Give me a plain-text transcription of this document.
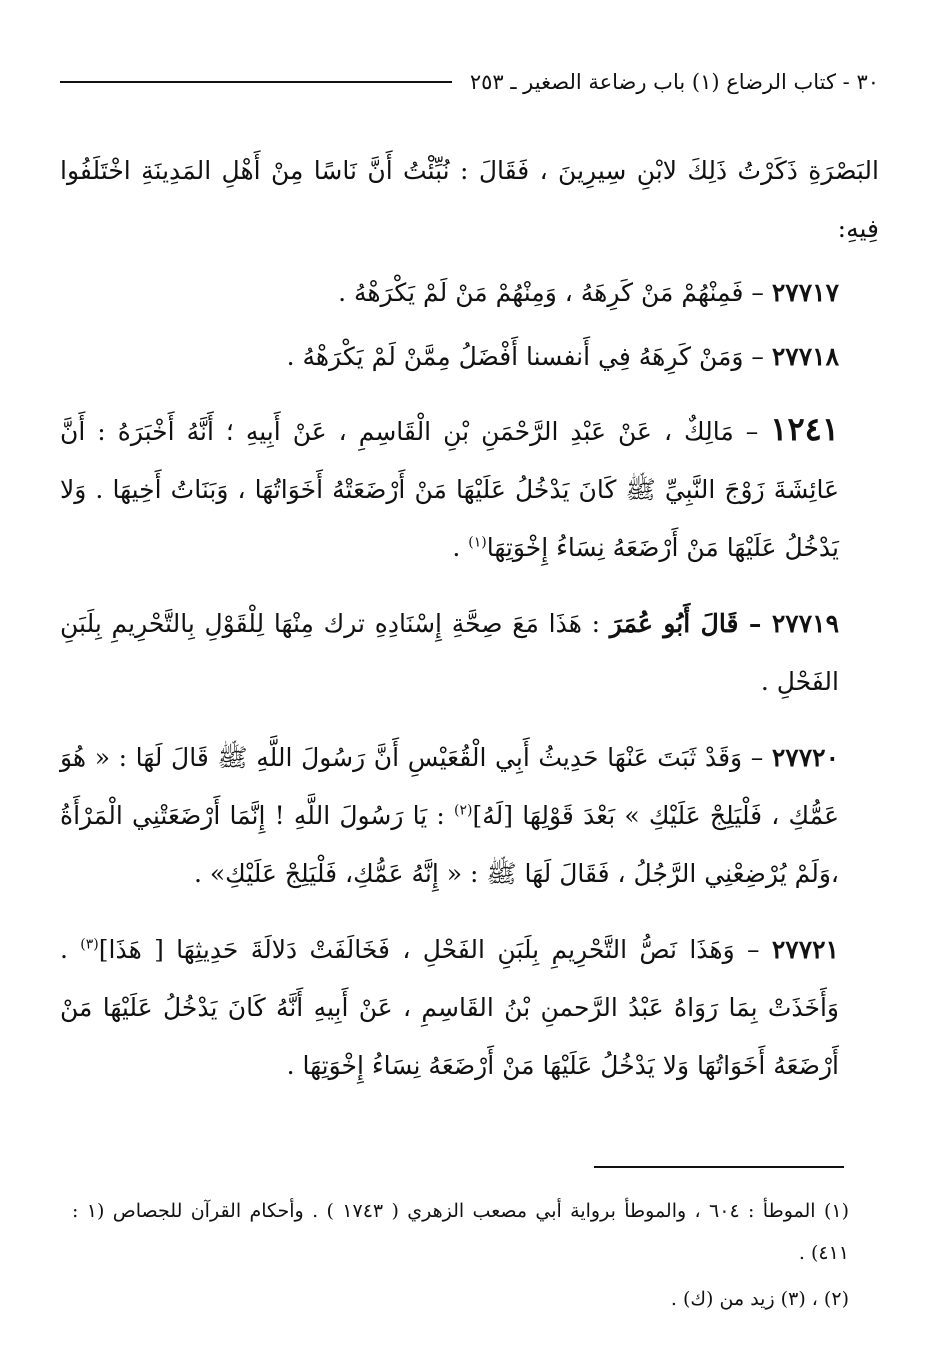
٣٠ - كتاب الرضاع (١) باب رضاعة الصغير ـ ٢٥٣

البَصْرَةِ ذَكَرْتُ ذَلِكَ لابْنِ سِيرِينَ ، فَقَالَ : نُبِّئْتُ أَنَّ نَاسًا مِنْ أَهْلِ المَدِينَةِ اخْتَلَفُوا فِيهِ:

٢٧٧١٧ – فَمِنْهُمْ مَنْ كَرِهَهُ ، وَمِنْهُمْ مَنْ لَمْ يَكْرَهْهُ .

٢٧٧١٨ – وَمَنْ كَرِهَهُ فِي أَنفسنا أَفْضَلُ مِمَّنْ لَمْ يَكْرَهْهُ .

١٢٤١ – مَالِكٌ ، عَنْ عَبْدِ الرَّحْمَنِ بْنِ الْقَاسِمِ ، عَنْ أَبِيهِ ؛ أَنَّهُ أَخْبَرَهُ : أَنَّ عَائِشَةَ زَوْجَ النَّبِيِّ ﷺ كَانَ يَدْخُلُ عَلَيْهَا مَنْ أَرْضَعَتْهُ أَخَوَاتُهَا ، وَبَنَاتُ أَخِيهَا . وَلا يَدْخُلُ عَلَيْهَا مَنْ أَرْضَعَهُ نِسَاءُ إِخْوَتِهَا$^{(١)}$ .

٢٧٧١٩ – قَالَ أَبُو عُمَرَ : هَذَا مَعَ صِحَّةِ إِسْنَادِهِ ترك مِنْهَا لِلْقَوْلِ بِالتَّحْرِيمِ بِلَبَنِ الفَحْلِ .

٢٧٧٢٠ – وَقَدْ ثَبَتَ عَنْهَا حَدِيثُ أَبِي الْقُعَيْسِ أَنَّ رَسُولَ اللَّهِ ﷺ قَالَ لَهَا : « هُوَ عَمُّكِ ، فَلْيَلِجْ عَلَيْكِ » بَعْدَ قَوْلِهَا [لَهُ]$^{(٢)}$ : يَا رَسُولَ اللَّهِ ! إِنَّمَا أَرْضَعَتْنِي الْمَرْأَةُ ،وَلَمْ يُرْضِعْنِي الرَّجُلُ ، فَقَالَ لَهَا ﷺ : « إِنَّهُ عَمُّكِ، فَلْيَلِجْ عَلَيْكِ» .

٢٧٧٢١ – وَهَذَا نَصُّ التَّحْرِيمِ بِلَبَنِ الفَحْلِ ، فَخَالَفَتْ دَلالَةَ حَدِيثِهَا [ هَذَا]$^{(٣)}$ . وَأَخَذَتْ بِمَا رَوَاهُ عَبْدُ الرَّحمنِ بْنُ القَاسِمِ ، عَنْ أَبِيهِ أَنَّهُ كَانَ يَدْخُلُ عَلَيْهَا مَنْ أَرْضَعَهُ أَخَوَاتُهَا وَلا يَدْخُلُ عَلَيْهَا مَنْ أَرْضَعَهُ نِسَاءُ إِخْوَتِهَا .

(١) الموطأ : ٦٠٤ ، والموطأ برواية أبي مصعب الزهري ( ١٧٤٣ ) . وأحكام القرآن للجصاص (١ : ٤١١) .

(٢) ، (٣) زيد من (ك) .
